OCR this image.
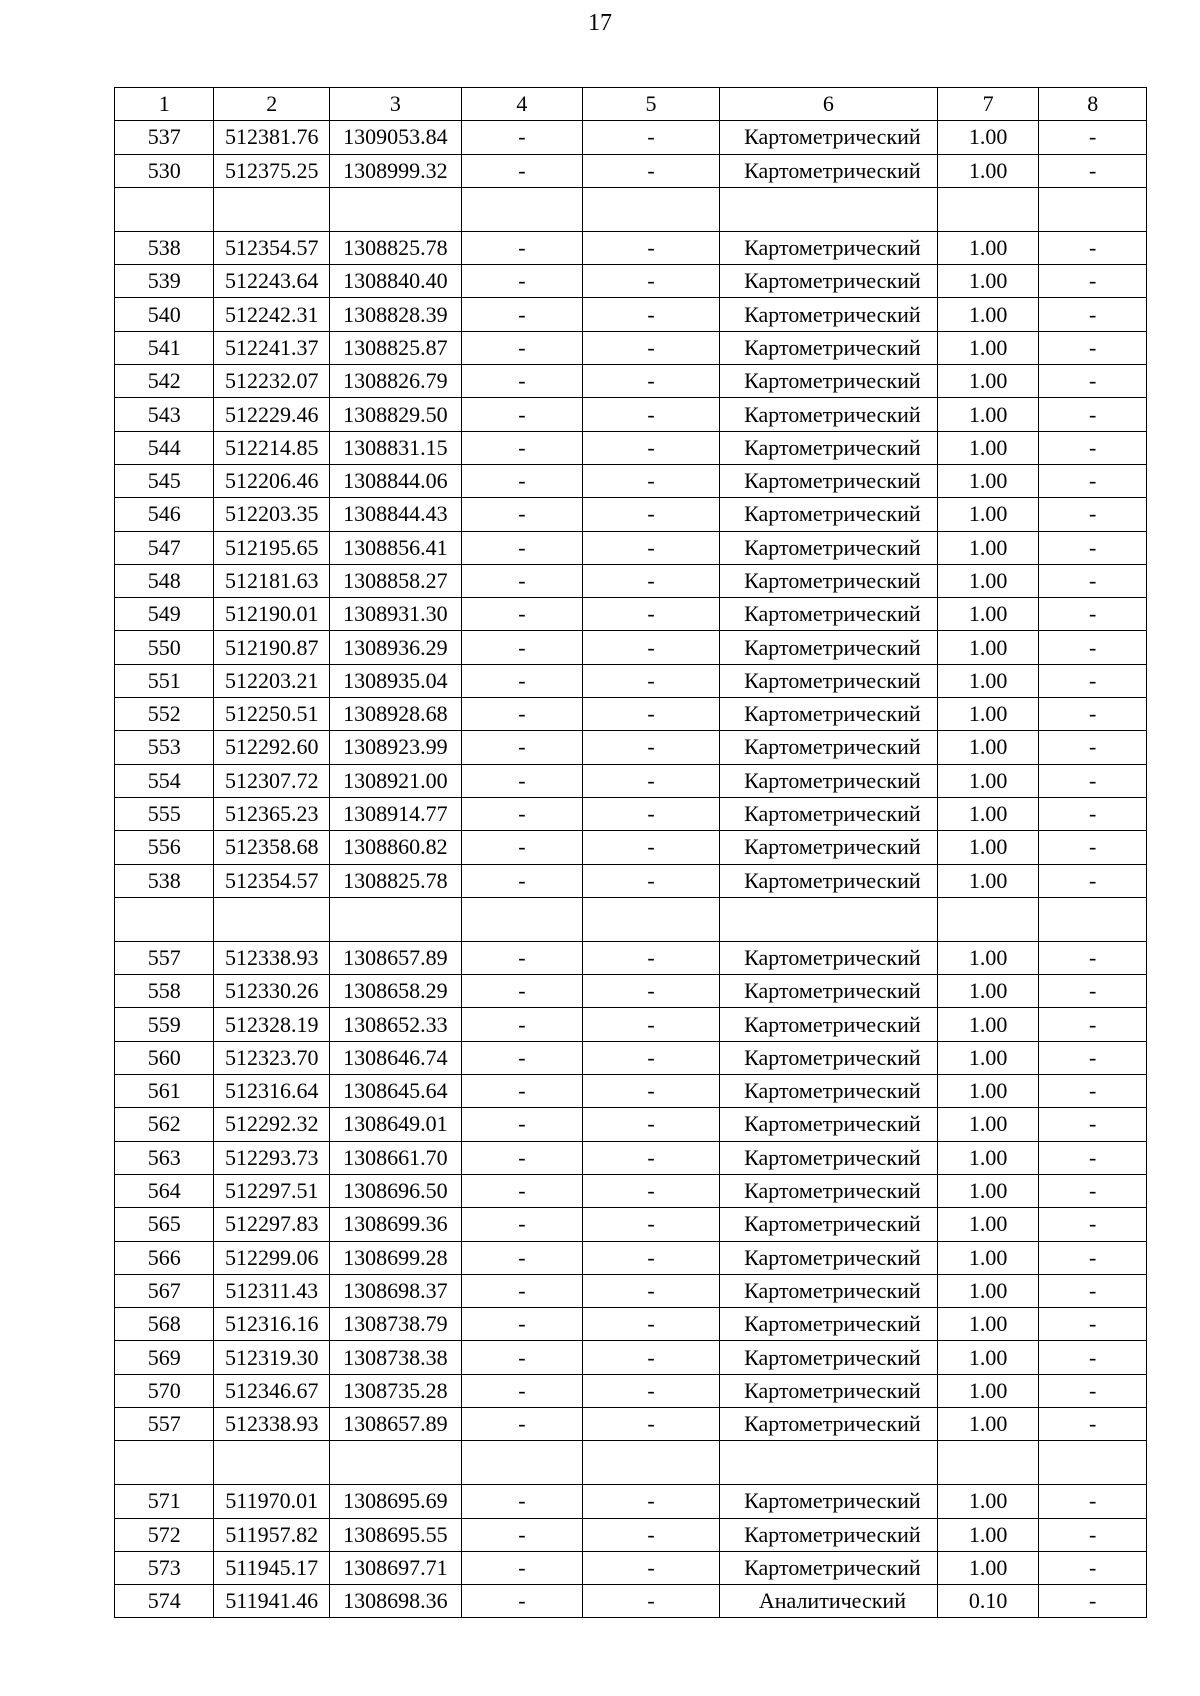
17
1	2	3	4	5	6	7	8
537	512381.76	1309053.84	-	-	Картометрический	1.00	-
530	512375.25	1308999.32	-	-	Картометрический	1.00	-

538	512354.57	1308825.78	-	-	Картометрический	1.00	-
539	512243.64	1308840.40	-	-	Картометрический	1.00	-
540	512242.31	1308828.39	-	-	Картометрический	1.00	-
541	512241.37	1308825.87	-	-	Картометрический	1.00	-
542	512232.07	1308826.79	-	-	Картометрический	1.00	-
543	512229.46	1308829.50	-	-	Картометрический	1.00	-
544	512214.85	1308831.15	-	-	Картометрический	1.00	-
545	512206.46	1308844.06	-	-	Картометрический	1.00	-
546	512203.35	1308844.43	-	-	Картометрический	1.00	-
547	512195.65	1308856.41	-	-	Картометрический	1.00	-
548	512181.63	1308858.27	-	-	Картометрический	1.00	-
549	512190.01	1308931.30	-	-	Картометрический	1.00	-
550	512190.87	1308936.29	-	-	Картометрический	1.00	-
551	512203.21	1308935.04	-	-	Картометрический	1.00	-
552	512250.51	1308928.68	-	-	Картометрический	1.00	-
553	512292.60	1308923.99	-	-	Картометрический	1.00	-
554	512307.72	1308921.00	-	-	Картометрический	1.00	-
555	512365.23	1308914.77	-	-	Картометрический	1.00	-
556	512358.68	1308860.82	-	-	Картометрический	1.00	-
538	512354.57	1308825.78	-	-	Картометрический	1.00	-

557	512338.93	1308657.89	-	-	Картометрический	1.00	-
558	512330.26	1308658.29	-	-	Картометрический	1.00	-
559	512328.19	1308652.33	-	-	Картометрический	1.00	-
560	512323.70	1308646.74	-	-	Картометрический	1.00	-
561	512316.64	1308645.64	-	-	Картометрический	1.00	-
562	512292.32	1308649.01	-	-	Картометрический	1.00	-
563	512293.73	1308661.70	-	-	Картометрический	1.00	-
564	512297.51	1308696.50	-	-	Картометрический	1.00	-
565	512297.83	1308699.36	-	-	Картометрический	1.00	-
566	512299.06	1308699.28	-	-	Картометрический	1.00	-
567	512311.43	1308698.37	-	-	Картометрический	1.00	-
568	512316.16	1308738.79	-	-	Картометрический	1.00	-
569	512319.30	1308738.38	-	-	Картометрический	1.00	-
570	512346.67	1308735.28	-	-	Картометрический	1.00	-
557	512338.93	1308657.89	-	-	Картометрический	1.00	-

571	511970.01	1308695.69	-	-	Картометрический	1.00	-
572	511957.82	1308695.55	-	-	Картометрический	1.00	-
573	511945.17	1308697.71	-	-	Картометрический	1.00	-
574	511941.46	1308698.36	-	-	Аналитический	0.10	-
